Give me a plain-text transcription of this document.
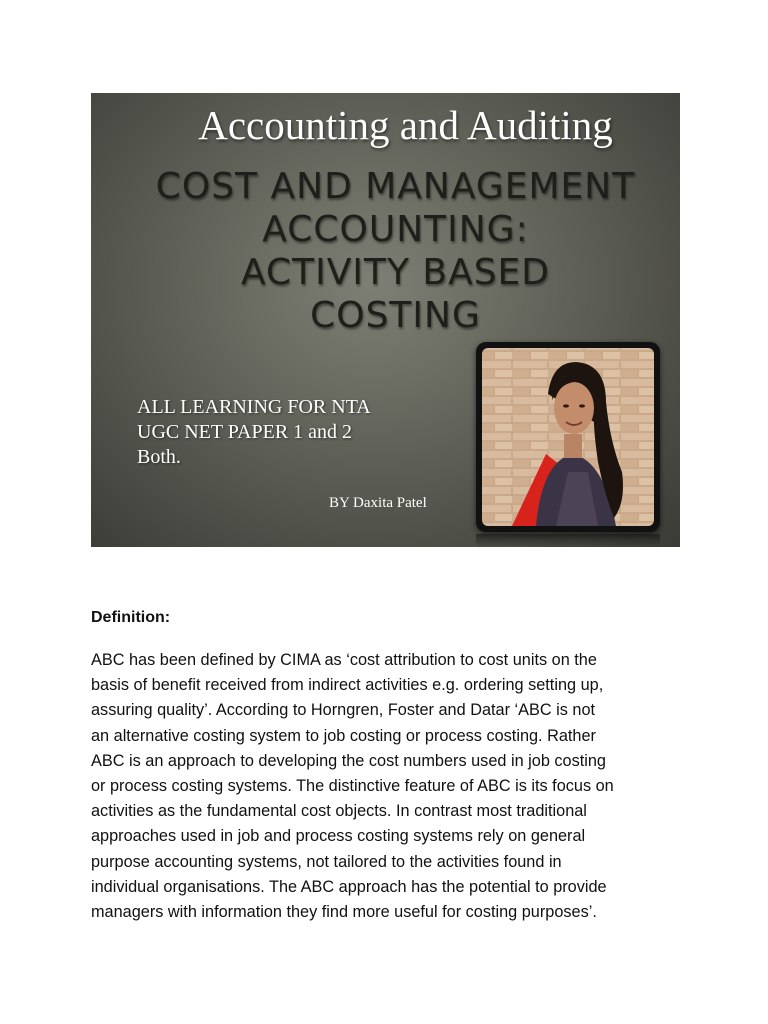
Accounting and Auditing
COST AND MANAGEMENT
ACCOUNTING:
ACTIVITY BASED
COSTING
ALL LEARNING FOR NTA
UGC NET PAPER 1 and 2
Both.
BY Daxita Patel
Definition:

ABC has been defined by CIMA as ‘cost attribution to cost units on the
basis of benefit received from indirect activities e.g. ordering setting up,
assuring quality’. According to Horngren, Foster and Datar ‘ABC is not
an alternative costing system to job costing or process costing. Rather
ABC is an approach to developing the cost numbers used in job costing
or process costing systems. The distinctive feature of ABC is its focus on
activities as the fundamental cost objects. In contrast most traditional
approaches used in job and process costing systems rely on general
purpose accounting systems, not tailored to the activities found in
individual organisations. The ABC approach has the potential to provide
managers with information they find more useful for costing purposes’.
